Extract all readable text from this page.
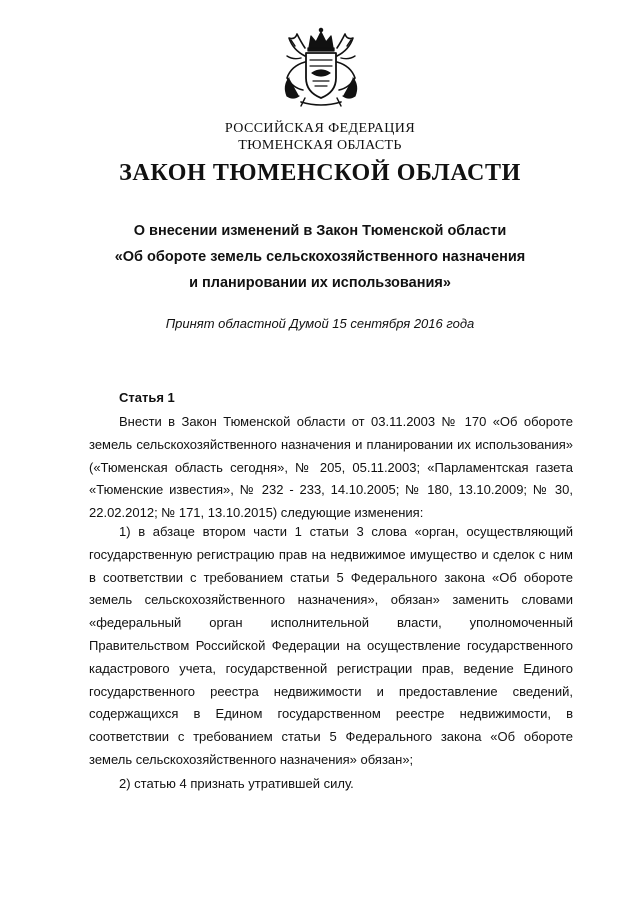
РОССИЙСКАЯ ФЕДЕРАЦИЯ
ТЮМЕНСКАЯ ОБЛАСТЬ
ЗАКОН ТЮМЕНСКОЙ ОБЛАСТИ
О внесении изменений в Закон Тюменской области
«Об обороте земель сельскохозяйственного назначения
и планировании их использования»
Принят областной Думой 15 сентября 2016 года
Статья 1

Внести в Закон Тюменской области от 03.11.2003 № 170 «Об обороте земель сельскохозяйственного назначения и планировании их использования» («Тюменская область сегодня», № 205, 05.11.2003; «Парламентская газета «Тюменские известия», № 232 - 233, 14.10.2005; № 180, 13.10.2009; № 30, 22.02.2012; № 171, 13.10.2015) следующие изменения:

1) в абзаце втором части 1 статьи 3 слова «орган, осуществляющий государственную регистрацию прав на недвижимое имущество и сделок с ним в соответствии с требованием статьи 5 Федерального закона «Об обороте земель сельскохозяйственного назначения», обязан» заменить словами «федеральный орган исполнительной власти, уполномоченный Правительством Российской Федерации на осуществление государственного кадастрового учета, государственной регистрации прав, ведение Единого государственного реестра недвижимости и предоставление сведений, содержащихся в Едином государственном реестре недвижимости, в соответствии с требованием статьи 5 Федерального закона «Об обороте земель сельскохозяйственного назначения» обязан»;

2) статью 4 признать утратившей силу.
